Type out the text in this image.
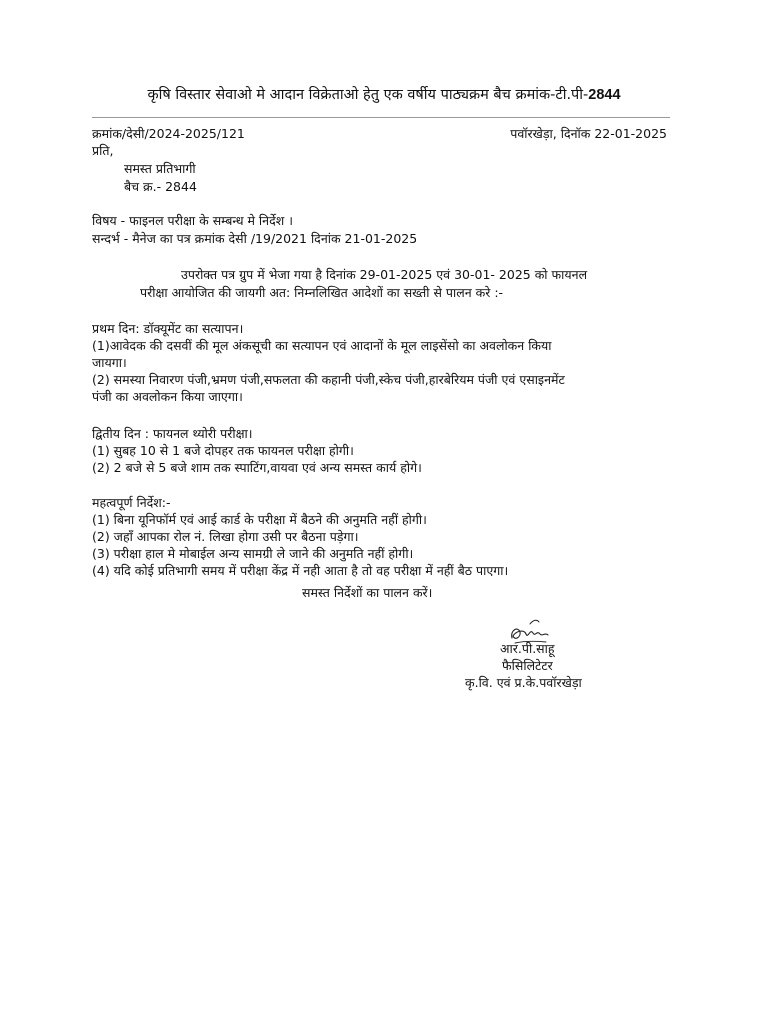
कृषि विस्तार सेवाओ मे आदान विक्रेताओ हेतु एक वर्षीय पाठ्यक्रम बैच क्रमांक-टी.पी-2844
क्रमांक/देसी/2024-2025/121	पवॉरखेड़ा, दिनॉक 22-01-2025
प्रति,
समस्त प्रतिभागी
बैच क्र.- 2844
विषय - फाइनल परीक्षा के सम्बन्ध मे निर्देश ।
सन्दर्भ - मैनेज का पत्र क्रमांक देसी /19/2021 दिनांक 21-01-2025
उपरोक्त पत्र ग्रुप में भेजा गया है दिनांक 29-01-2025 एवं 30-01- 2025 को फायनल
परीक्षा आयोजित की जायगी अत: निम्नलिखित आदेशों का सख्ती से पालन करे :-
प्रथम दिन: डॉक्यूमेंट का सत्यापन।
(1)आवेदक की दसवीं की मूल अंकसूची का सत्यापन एवं आदानों के मूल लाइसेंसो का अवलोकन किया
जायगा।
(2) समस्या निवारण पंजी,भ्रमण पंजी,सफलता की कहानी पंजी,स्केच पंजी,हारबेरियम पंजी एवं एसाइनमेंट
पंजी का अवलोकन किया जाएगा।
द्वितीय दिन : फायनल थ्योरी परीक्षा।
(1) सुबह 10 से 1 बजे दोपहर तक फायनल परीक्षा होगी।
(2) 2 बजे से 5 बजे शाम तक स्पाटिंग,वायवा एवं अन्य समस्त कार्य होगे।
महत्वपूर्ण निर्देश:-
(1) बिना यूनिफॉर्म एवं आई कार्ड के परीक्षा में बैठने की अनुमति नहीं होगी।
(2) जहाँ आपका रोल नं. लिखा होगा उसी पर बैठना पड़ेगा।
(3) परीक्षा हाल मे मोबाईल अन्य सामग्री ले जाने की अनुमति नहीं होगी।
(4) यदि कोई प्रतिभागी समय में परीक्षा केंद्र में नही आता है तो वह परीक्षा में नहीं बैठ पाएगा।
समस्त निर्देशों का पालन करें।
आर.पी.साहू
फैसिलिटेटर
कृ.वि. एवं प्र.के.पवॉरखेड़ा
